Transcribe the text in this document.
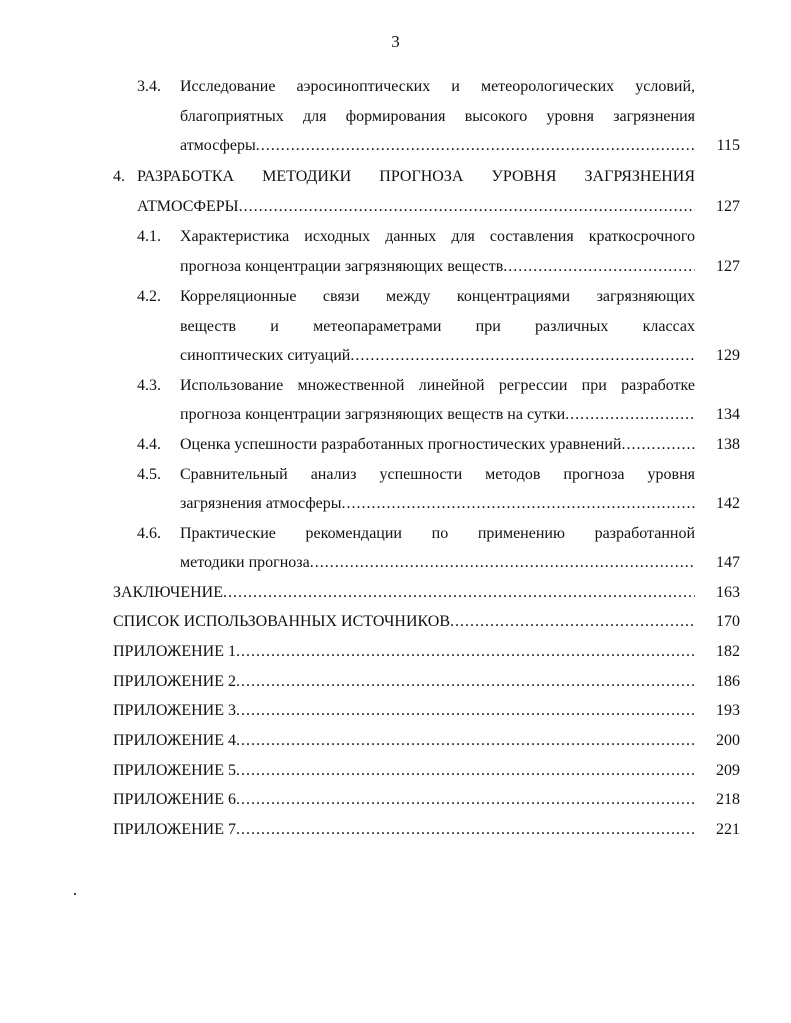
3
3.4. Исследование аэросиноптических и метеорологических условий,
благоприятных для формирования высокого уровня загрязнения
атмосферы .....	115
4. РАЗРАБОТКА МЕТОДИКИ ПРОГНОЗА УРОВНЯ ЗАГРЯЗНЕНИЯ
АТМОСФЕРЫ .....	127
4.1. Характеристика исходных данных для составления краткосрочного
прогноза концентрации загрязняющих веществ .....	127
4.2. Корреляционные связи между концентрациями загрязняющих
веществ и метеопараметрами при различных классах
синоптических ситуаций .....	129
4.3. Использование множественной линейной регрессии при разработке
прогноза концентрации загрязняющих веществ на сутки .....	134
4.4. Оценка успешности разработанных прогностических уравнений .....	138
4.5. Сравнительный анализ успешности методов прогноза уровня
загрязнения атмосферы .....	142
4.6. Практические рекомендации по применению разработанной
методики прогноза .....	147
ЗАКЛЮЧЕНИЕ .....	163
СПИСОК ИСПОЛЬЗОВАННЫХ ИСТОЧНИКОВ .....	170
ПРИЛОЖЕНИЕ 1 .....	182
ПРИЛОЖЕНИЕ 2 .....	186
ПРИЛОЖЕНИЕ 3 .....	193
ПРИЛОЖЕНИЕ 4 .....	200
ПРИЛОЖЕНИЕ 5 .....	209
ПРИЛОЖЕНИЕ 6 .....	218
ПРИЛОЖЕНИЕ 7 .....	221
